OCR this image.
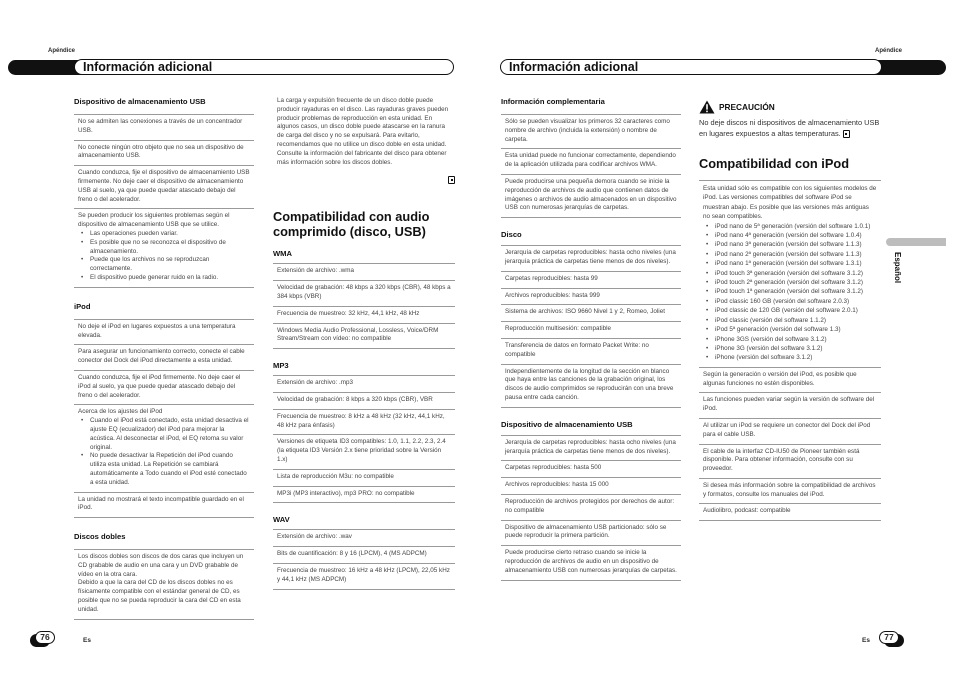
Apéndice	Apéndice
Información adicional	Información adicional
Dispositivo de almacenamiento USB
No se admiten las conexiones a través de un concentrador USB.
No conecte ningún otro objeto que no sea un dispositivo de almacenamiento USB.
Cuando conduzca, fije el dispositivo de almacenamiento USB firmemente. No deje caer el dispositivo de almacenamiento USB al suelo, ya que puede quedar atascado debajo del freno o del acelerador.
Se pueden producir los siguientes problemas según el dispositivo de almacenamiento USB que se utilice.
• Las operaciones pueden variar.
• Es posible que no se reconozca el dispositivo de almacenamiento.
• Puede que los archivos no se reproduzcan correctamente.
• El dispositivo puede generar ruido en la radio.
iPod
No deje el iPod en lugares expuestos a una temperatura elevada.
Para asegurar un funcionamiento correcto, conecte el cable conector del Dock del iPod directamente a esta unidad.
Cuando conduzca, fije el iPod firmemente. No deje caer el iPod al suelo, ya que puede quedar atascado debajo del freno o del acelerador.
Acerca de los ajustes del iPod
• Cuando el iPod está conectado, esta unidad desactiva el ajuste EQ (ecualizador) del iPod para mejorar la acústica. Al desconectar el iPod, el EQ retoma su valor original.
• No puede desactivar la Repetición del iPod cuando utiliza esta unidad. La Repetición se cambiará automáticamente a Todo cuando el iPod esté conectado a esta unidad.
La unidad no mostrará el texto incompatible guardado en el iPod.
Discos dobles
Los discos dobles son discos de dos caras que incluyen un CD grabable de audio en una cara y un DVD grabable de vídeo en la otra cara.
Debido a que la cara del CD de los discos dobles no es físicamente compatible con el estándar general de CD, es posible que no se pueda reproducir la cara del CD en esta unidad.
La carga y expulsión frecuente de un disco doble puede producir rayaduras en el disco. Las rayaduras graves pueden producir problemas de reproducción en esta unidad. En algunos casos, un disco doble puede atascarse en la ranura de carga del disco y no se expulsará. Para evitarlo, recomendamos que no utilice un disco doble en esta unidad.
Consulte la información del fabricante del disco para obtener más información sobre los discos dobles.
Compatibilidad con audio comprimido (disco, USB)
WMA
Extensión de archivo: .wma
Velocidad de grabación: 48 kbps a 320 kbps (CBR), 48 kbps a 384 kbps (VBR)
Frecuencia de muestreo: 32 kHz, 44,1 kHz, 48 kHz
Windows Media Audio Professional, Lossless, Voice/DRM Stream/Stream con vídeo: no compatible
MP3
Extensión de archivo: .mp3
Velocidad de grabación: 8 kbps a 320 kbps (CBR), VBR
Frecuencia de muestreo: 8 kHz a 48 kHz (32 kHz, 44,1 kHz, 48 kHz para énfasis)
Versiones de etiqueta ID3 compatibles: 1.0, 1.1, 2.2, 2.3, 2.4 (la etiqueta ID3 Versión 2.x tiene prioridad sobre la Versión 1.x)
Lista de reproducción M3u: no compatible
MP3i (MP3 interactivo), mp3 PRO: no compatible
WAV
Extensión de archivo: .wav
Bits de cuantificación: 8 y 16 (LPCM), 4 (MS ADPCM)
Frecuencia de muestreo: 16 kHz a 48 kHz (LPCM), 22,05 kHz y 44,1 kHz (MS ADPCM)
Información complementaria
Sólo se pueden visualizar los primeros 32 caracteres como nombre de archivo (incluida la extensión) o nombre de carpeta.
Esta unidad puede no funcionar correctamente, dependiendo de la aplicación utilizada para codificar archivos WMA.
Puede producirse una pequeña demora cuando se inicie la reproducción de archivos de audio que contienen datos de imágenes o archivos de audio almacenados en un dispositivo USB con numerosas jerarquías de carpetas.
Disco
Jerarquía de carpetas reproducibles: hasta ocho niveles (una jerarquía práctica de carpetas tiene menos de dos niveles).
Carpetas reproducibles: hasta 99
Archivos reproducibles: hasta 999
Sistema de archivos: ISO 9660 Nivel 1 y 2, Romeo, Joliet
Reproducción multisesión: compatible
Transferencia de datos en formato Packet Write: no compatible
Independientemente de la longitud de la sección en blanco que haya entre las canciones de la grabación original, los discos de audio comprimidos se reproducirán con una breve pausa entre cada canción.
Dispositivo de almacenamiento USB
Jerarquía de carpetas reproducibles: hasta ocho niveles (una jerarquía práctica de carpetas tiene menos de dos niveles).
Carpetas reproducibles: hasta 500
Archivos reproducibles: hasta 15 000
Reproducción de archivos protegidos por derechos de autor: no compatible
Dispositivo de almacenamiento USB particionado: sólo se puede reproducir la primera partición.
Puede producirse cierto retraso cuando se inicie la reproducción de archivos de audio en un dispositivo de almacenamiento USB con numerosas jerarquías de carpetas.
PRECAUCIÓN
No deje discos ni dispositivos de almacenamiento USB en lugares expuestos a altas temperaturas.
Compatibilidad con iPod
Esta unidad sólo es compatible con los siguientes modelos de iPod. Las versiones compatibles del software iPod se muestran abajo. Es posible que las versiones más antiguas no sean compatibles.
• iPod nano de 5ª generación (versión del software 1.0.1)
• iPod nano 4ª generación (versión del software 1.0.4)
• iPod nano 3ª generación (versión del software 1.1.3)
• iPod nano 2ª generación (versión del software 1.1.3)
• iPod nano 1ª generación (versión del software 1.3.1)
• iPod touch 3ª generación (versión del software 3.1.2)
• iPod touch 2ª generación (versión del software 3.1.2)
• iPod touch 1ª generación (versión del software 3.1.2)
• iPod classic 160 GB (versión del software 2.0.3)
• iPod classic de 120 GB (versión del software 2.0.1)
• iPod classic (versión del software 1.1.2)
• iPod 5ª generación (versión del software 1.3)
• iPhone 3GS (versión del software 3.1.2)
• iPhone 3G (versión del software 3.1.2)
• iPhone (versión del software 3.1.2)
Según la generación o versión del iPod, es posible que algunas funciones no estén disponibles.
Las funciones pueden variar según la versión de software del iPod.
Al utilizar un iPod se requiere un conector del Dock del iPod para el cable USB.
El cable de la interfaz CD-IU50 de Pioneer también está disponible. Para obtener información, consulte con su proveedor.
Si desea más información sobre la compatibilidad de archivos y formatos, consulte los manuales del iPod.
Audiolibro, podcast: compatible
Español
76	Es	77
Es
